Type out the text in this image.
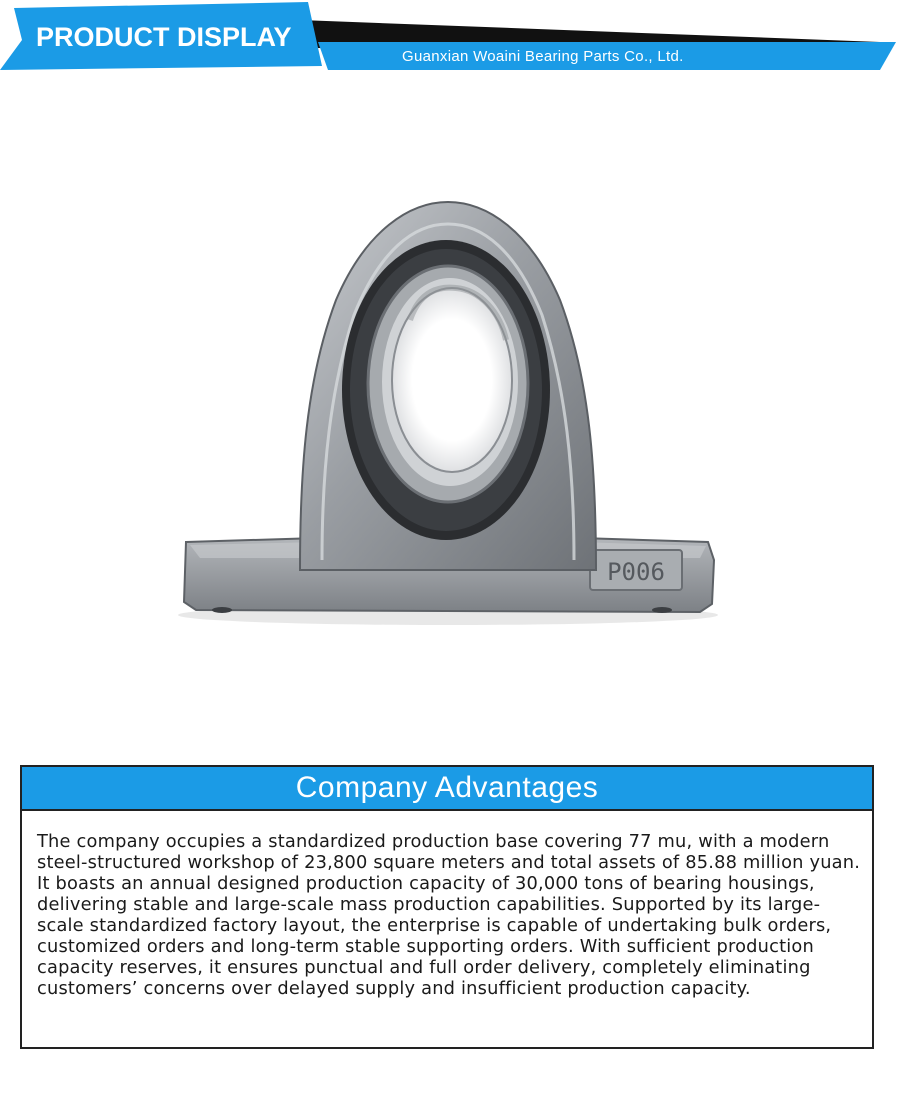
PRODUCT DISPLAY
Guanxian Woaini Bearing Parts Co., Ltd.
P006
Company Advantages
The company occupies a standardized production base covering 77 mu, with a modern steel-structured workshop of 23,800 square meters and total assets of 85.88 million yuan. It boasts an annual designed production capacity of 30,000 tons of bearing housings, delivering stable and large-scale mass production capabilities. Supported by its large-scale standardized factory layout, the enterprise is capable of undertaking bulk orders, customized orders and long-term stable supporting orders. With sufficient production capacity reserves, it ensures punctual and full order delivery, completely eliminating customers’ concerns over delayed supply and insufficient production capacity.
